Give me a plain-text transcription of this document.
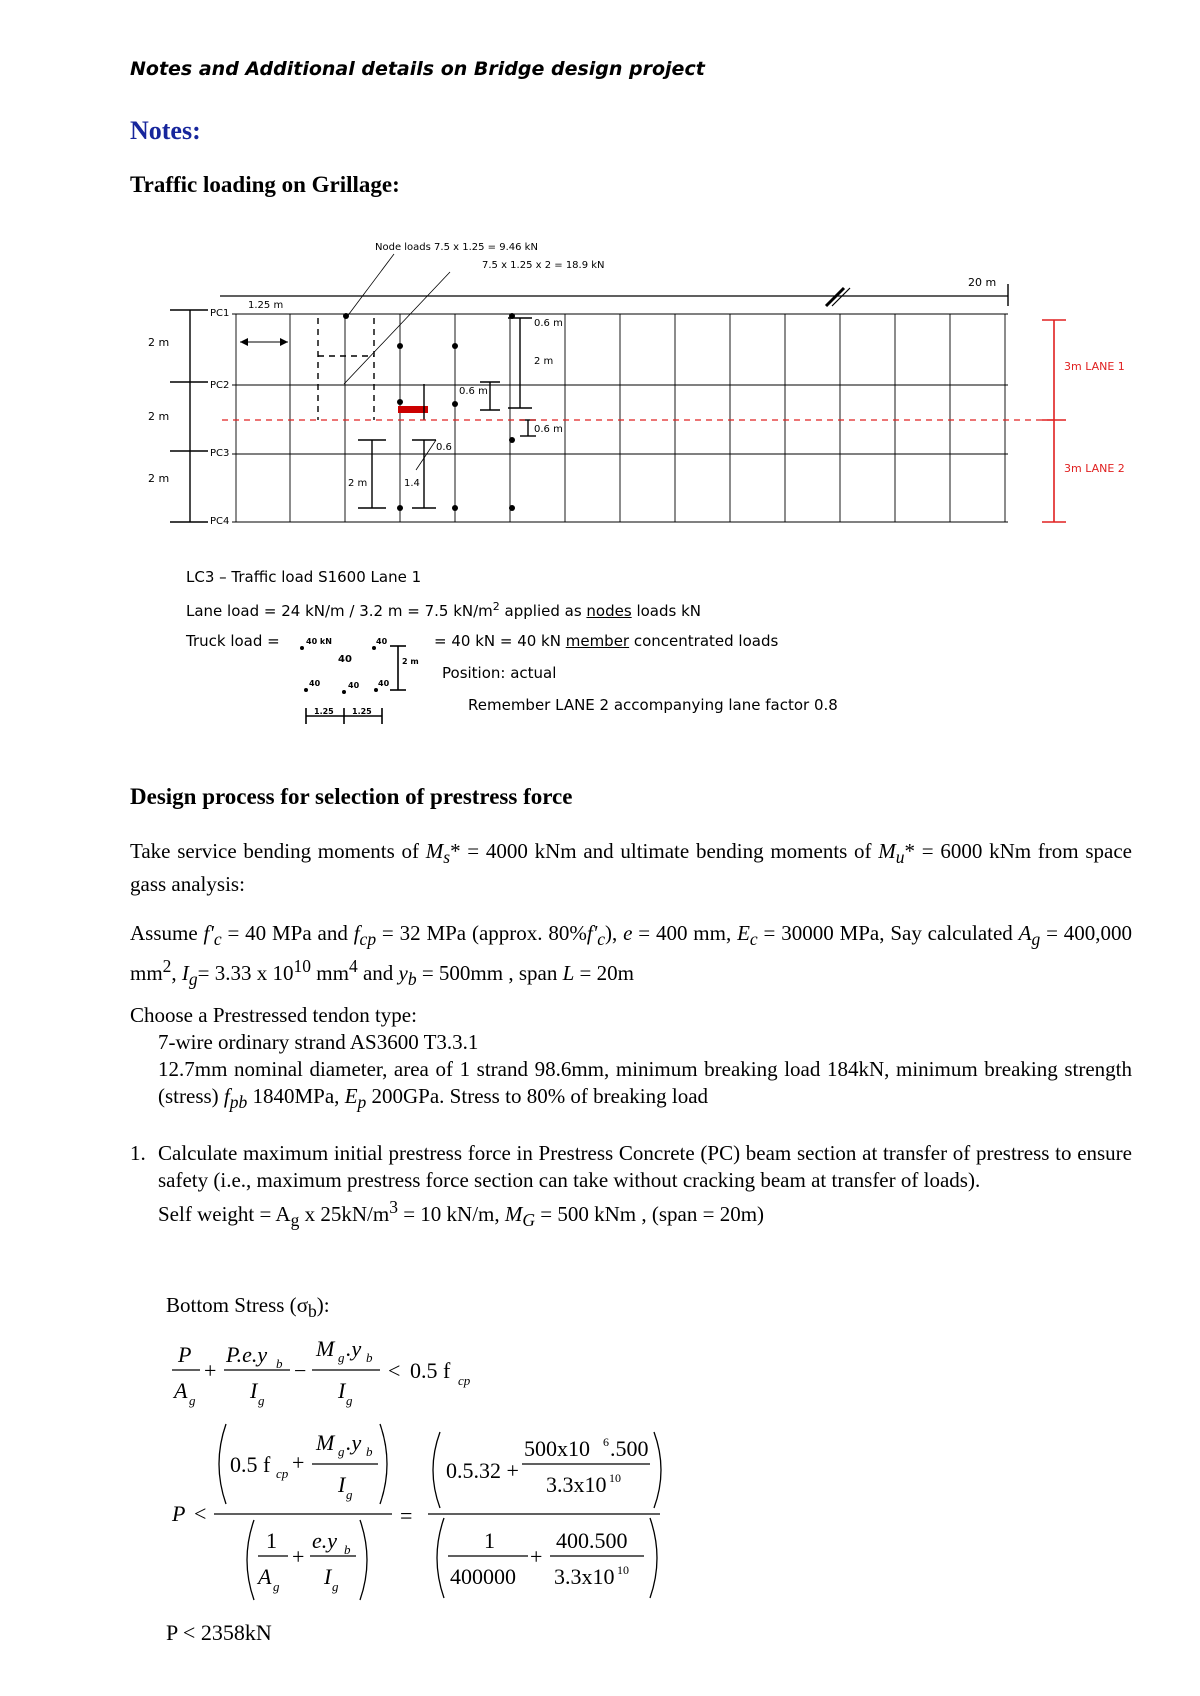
Notes and Additional details on Bridge design project
Notes:
Traffic loading on Grillage:
20 m
1.25 m
PC1
PC2
PC3
PC4
2 m
2 m
2 m
Node loads 7.5 x 1.25 = 9.46 kN
7.5 x 1.25 x 2 = 18.9 kN
0.6 m
2 m
0.6 m
0.6 m
0.6
2 m	1.4
3m LANE 1
3m LANE 2
LC3 – Traffic load S1600 Lane 1
Lane load = 24 kN/m / 3.2 m = 7.5 $kN/m^2$ applied as nodes loads kN
Truck load =	= 40 kN = 40 kN member concentrated loads
Position: actual
Remember LANE 2 accompanying lane factor 0.8
40 kN	40
40
40	40 40
2 m
1.25 1.25
Design process for selection of prestress force
Take service bending moments of $M_s* = 4000$ kNm and ultimate bending moments of $M_u* = 6000$ kNm from space gass analysis:
Assume $f'_c = 40$ MPa and $f_{cp} = 32$ MPa (approx. $80\%f'_c$), e = 400 mm, $E_c = 30000$ MPa, Say calculated $A_g = 400,000$ $mm^2$, $I_g= 3.33$ x $10^{10}$ $mm^4$ and $y_b = 500mm$ , span L = 20m
Choose a Prestressed tendon type:
7-wire ordinary strand AS3600 T3.3.1
12.7mm nominal diameter, area of 1 strand 98.6mm, minimum breaking load 184kN, minimum breaking strength (stress) $f_{pb}$ 1840MPa, $E_p$ 200GPa. Stress to 80% of breaking load
1. Calculate maximum initial prestress force in Prestress Concrete (PC) beam section at transfer of prestress to ensure safety (i.e., maximum prestress force section can take without cracking beam at transfer of loads).
Self weight = $A_g$ x $25kN/m^3 = 10$ kN/m, $M_G = 500$ kNm , (span = 20m)
Bottom Stress $(\sigma_b)$:
P
A g
+
P.e.y b
I g
−
M g .y b
I g
< 0.5 f cp
P <
0.5 f cp +
M g .y b
I g
1
A g
+
e.y b
I g
=
0.5.32 +
500x10 6 .500
3.3x10 10
1
400000
+
400.500
3.3x10 10
P < 2358kN
